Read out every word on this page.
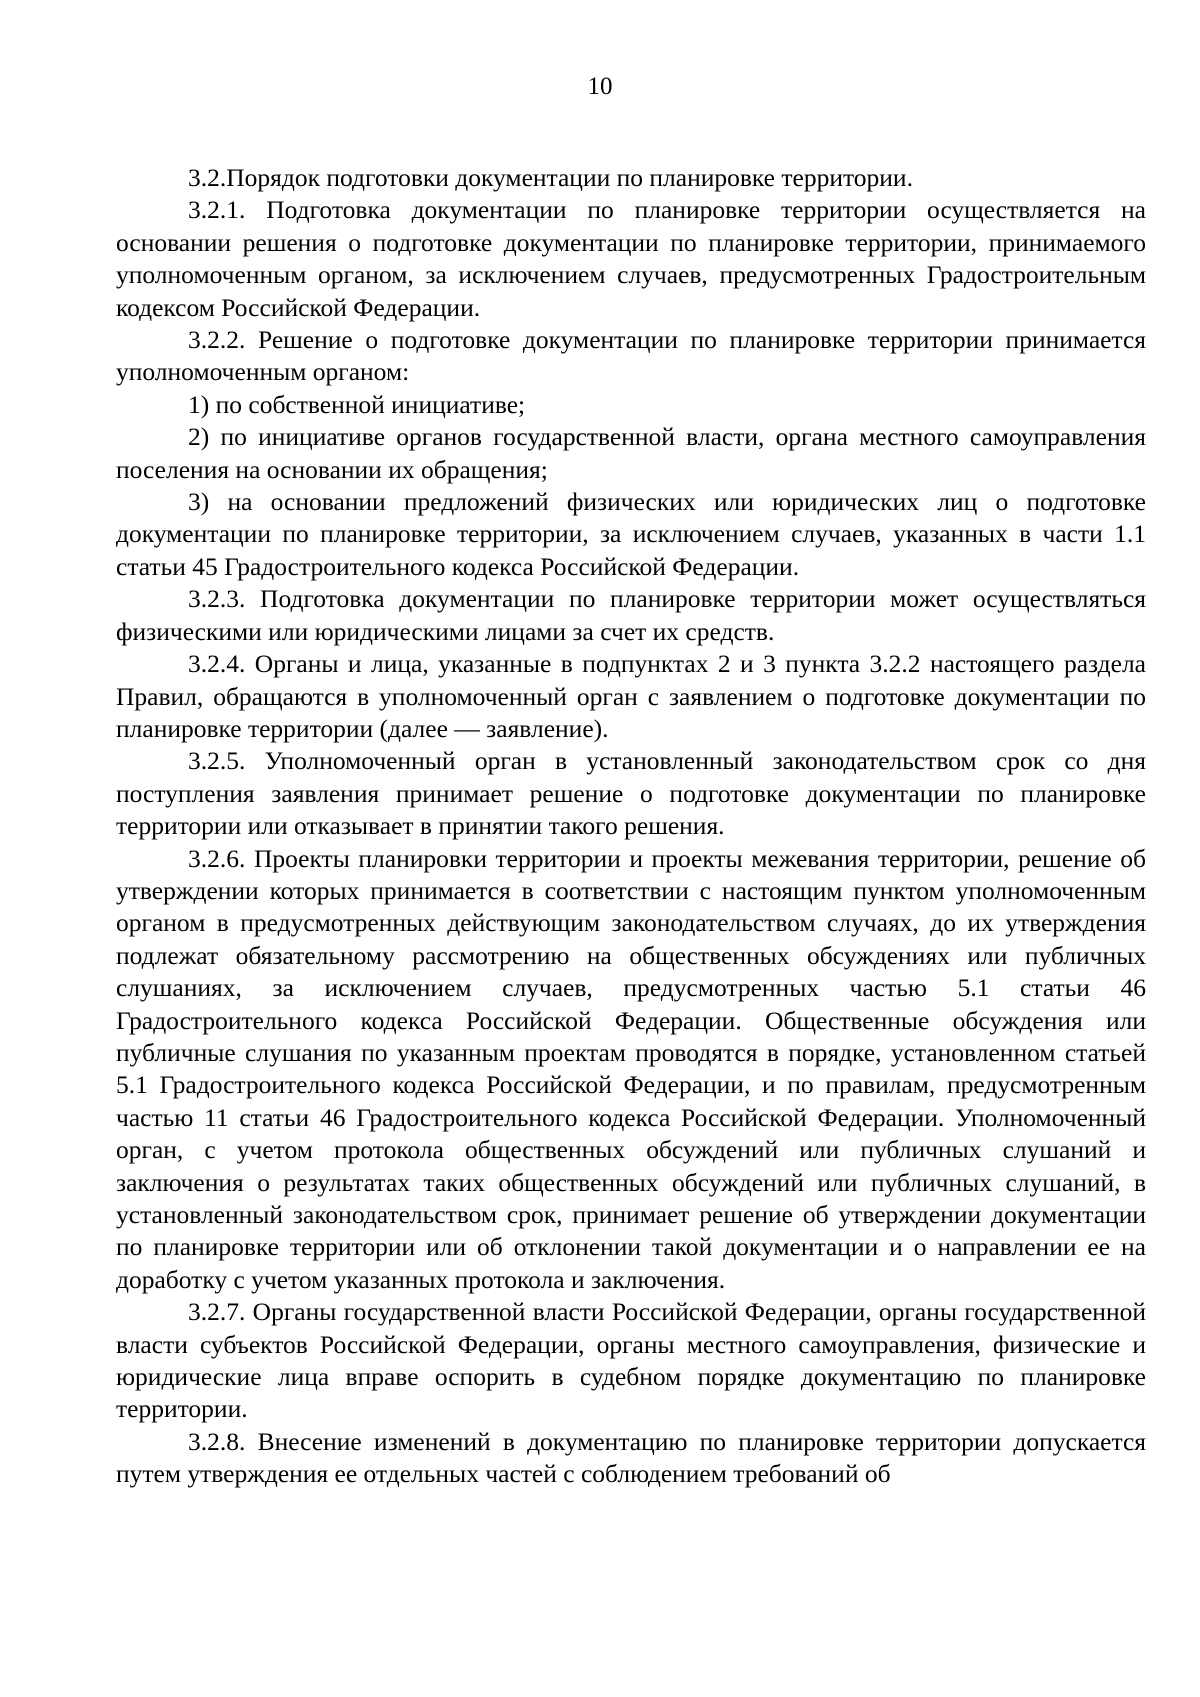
10

3.2.Порядок подготовки документации по планировке территории.

3.2.1. Подготовка документации по планировке территории осуществляется на основании решения о подготовке документации по планировке территории, принимаемого уполномоченным органом, за исключением случаев, предусмотренных Градостроительным кодексом Российской Федерации.

3.2.2. Решение о подготовке документации по планировке территории принимается уполномоченным органом:

1) по собственной инициативе;

2) по инициативе органов государственной власти, органа местного самоуправления поселения на основании их обращения;

3) на основании предложений физических или юридических лиц о подготовке документации по планировке территории, за исключением случаев, указанных в части 1.1 статьи 45 Градостроительного кодекса Российской Федерации.

3.2.3. Подготовка документации по планировке территории может осуществляться физическими или юридическими лицами за счет их средств.

3.2.4. Органы и лица, указанные в подпунктах 2 и 3 пункта 3.2.2 настоящего раздела Правил, обращаются в уполномоченный орган с заявлением о подготовке документации по планировке территории (далее — заявление).

3.2.5. Уполномоченный орган в установленный законодательством срок со дня поступления заявления принимает решение о подготовке документации по планировке территории или отказывает в принятии такого решения.

3.2.6. Проекты планировки территории и проекты межевания территории, решение об утверждении которых принимается в соответствии с настоящим пунктом уполномоченным органом в предусмотренных действующим законодательством случаях, до их утверждения подлежат обязательному рассмотрению на общественных обсуждениях или публичных слушаниях, за исключением случаев, предусмотренных частью 5.1 статьи 46 Градостроительного кодекса Российской Федерации. Общественные обсуждения или публичные слушания по указанным проектам проводятся в порядке, установленном статьей 5.1 Градостроительного кодекса Российской Федерации, и по правилам, предусмотренным частью 11 статьи 46 Градостроительного кодекса Российской Федерации. Уполномоченный орган, с учетом протокола общественных обсуждений или публичных слушаний и заключения о результатах таких общественных обсуждений или публичных слушаний, в установленный законодательством срок, принимает решение об утверждении документации по планировке территории или об отклонении такой документации и о направлении ее на доработку с учетом указанных протокола и заключения.

3.2.7. Органы государственной власти Российской Федерации, органы государственной власти субъектов Российской Федерации, органы местного самоуправления, физические и юридические лица вправе оспорить в судебном порядке документацию по планировке территории.

3.2.8. Внесение изменений в документацию по планировке территории допускается путем утверждения ее отдельных частей с соблюдением требований об
